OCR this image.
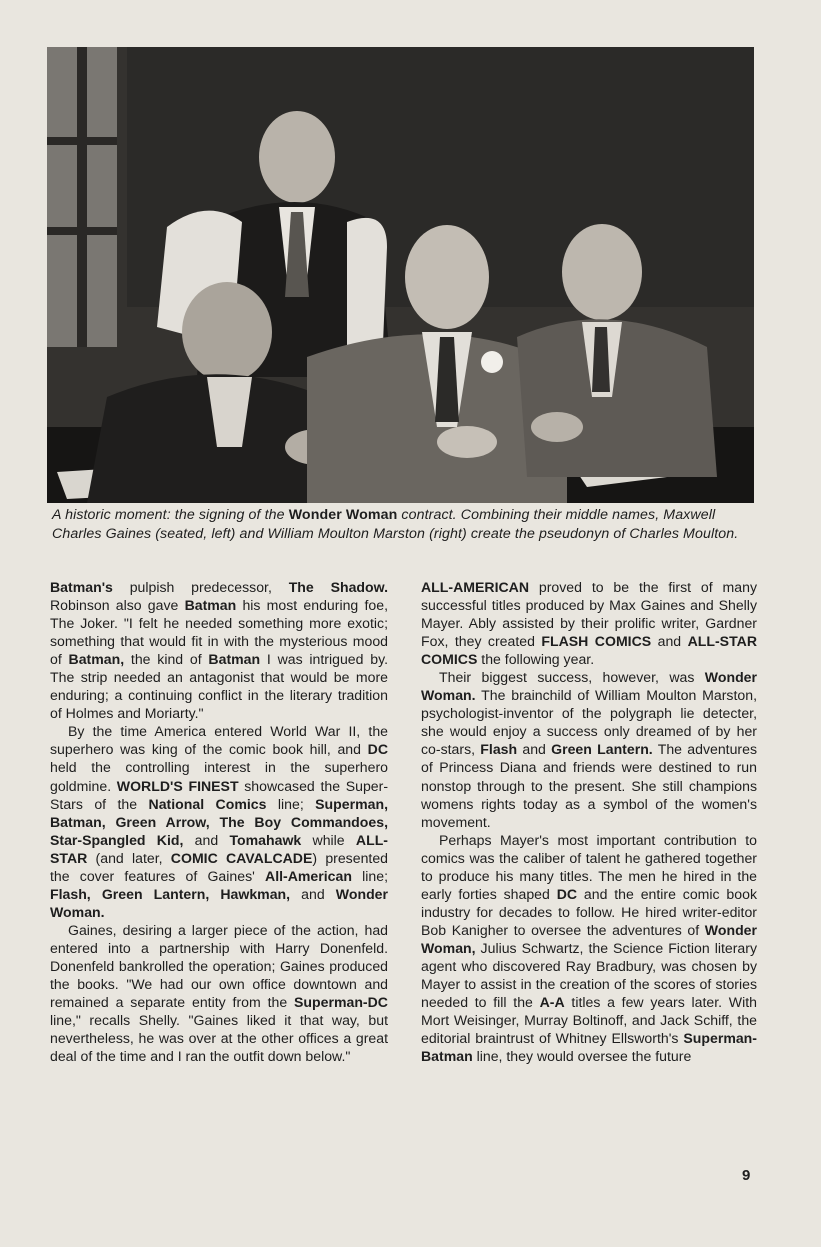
A historic moment: the signing of the Wonder Woman contract. Combining their middle names, Maxwell Charles Gaines (seated, left) and William Moulton Marston (right) create the pseudonyn of Charles Moulton.

Batman's pulpish predecessor, The Shadow. Robinson also gave Batman his most enduring foe, The Joker. "I felt he needed something more exotic; something that would fit in with the mysterious mood of Batman, the kind of Batman I was intrigued by. The strip needed an antagonist that would be more enduring; a continuing conflict in the literary tradition of Holmes and Moriarty."

By the time America entered World War II, the superhero was king of the comic book hill, and DC held the controlling interest in the superhero goldmine. WORLD'S FINEST showcased the Super-Stars of the National Comics line; Superman, Batman, Green Arrow, The Boy Commandoes, Star-Spangled Kid, and Tomahawk while ALL-STAR (and later, COMIC CAVALCADE) presented the cover features of Gaines' All-American line; Flash, Green Lantern, Hawkman, and Wonder Woman.

Gaines, desiring a larger piece of the action, had entered into a partnership with Harry Donenfeld. Donenfeld bankrolled the operation; Gaines produced the books. "We had our own office downtown and remained a separate entity from the Superman-DC line," recalls Shelly. "Gaines liked it that way, but nevertheless, he was over at the other offices a great deal of the time and I ran the outfit down below."

ALL-AMERICAN proved to be the first of many successful titles produced by Max Gaines and Shelly Mayer. Ably assisted by their prolific writer, Gardner Fox, they created FLASH COMICS and ALL-STAR COMICS the following year.

Their biggest success, however, was Wonder Woman. The brainchild of William Moulton Marston, psychologist-inventor of the polygraph lie detecter, she would enjoy a success only dreamed of by her co-stars, Flash and Green Lantern. The adventures of Princess Diana and friends were destined to run nonstop through to the present. She still champions womens rights today as a symbol of the women's movement.

Perhaps Mayer's most important contribution to comics was the caliber of talent he gathered together to produce his many titles. The men he hired in the early forties shaped DC and the entire comic book industry for decades to follow. He hired writer-editor Bob Kanigher to oversee the adventures of Wonder Woman, Julius Schwartz, the Science Fiction literary agent who discovered Ray Bradbury, was chosen by Mayer to assist in the creation of the scores of stories needed to fill the A-A titles a few years later. With Mort Weisinger, Murray Boltinoff, and Jack Schiff, the editorial braintrust of Whitney Ellsworth's Superman-Batman line, they would oversee the future

9
